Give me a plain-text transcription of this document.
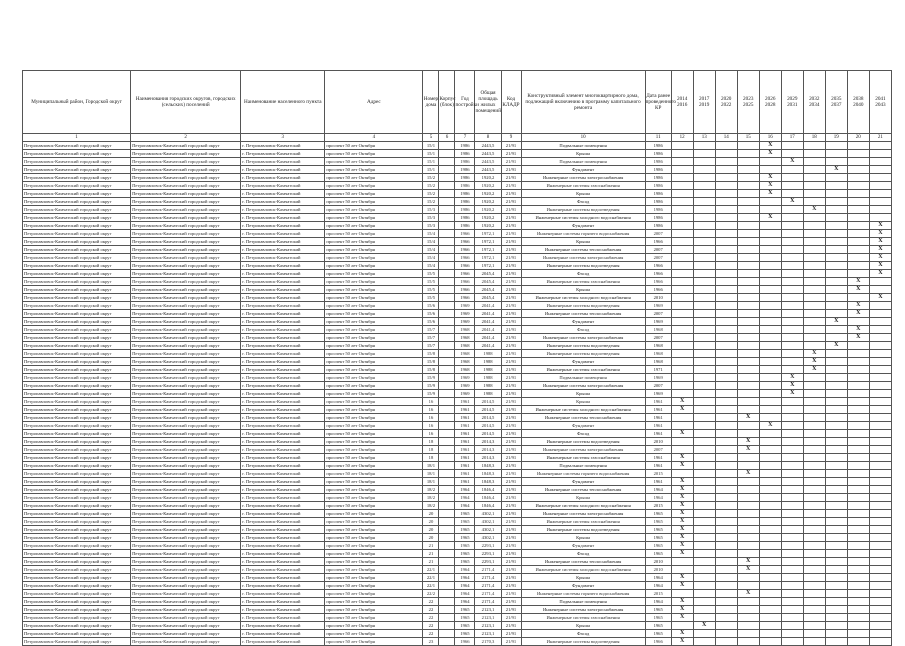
Муниципальный район, Городской округ	Наименования городских округов, городских (сельских) поселений	Наименование населенного пункта	Адрес	Номер дома	Корпус (блок)	Год постройки	Общая площадь жилых помещений	Код КЛАДР	Конструктивный элемент многоквартирного дома, подлежащий включению в программу капитального ремонта	Дата ранее проведенного КР	2014 2016	2017 2019	2020 2022	2023 2025	2026 2028	2029 2031	2032 2034	2035 2037	2038 2040	2041 2043
1	2	3	4	5	6	7	8	9	10	11	12	13	14	15	16	17	18	19	20	21
Петропавловск-Камчатский городской округ	Петропавловск-Камчатский городской округ	г. Петропавловск-Камчатский	проспект 50 лет Октября	15/1		1986	2443,5	21/91	Подвальные помещения	1986					X					
Петропавловск-Камчатский городской округ	Петропавловск-Камчатский городской округ	г. Петропавловск-Камчатский	проспект 50 лет Октября	15/1		1986	2443,5	21/91	Крыша	1986					X					
Петропавловск-Камчатский городской округ	Петропавловск-Камчатский городской округ	г. Петропавловск-Камчатский	проспект 50 лет Октября	15/1		1986	2443,5	21/91	Подвальные помещения	1986						X				
Петропавловск-Камчатский городской округ	Петропавловск-Камчатский городской округ	г. Петропавловск-Камчатский	проспект 50 лет Октября	15/1		1986	2443,5	21/91	Фундамент	1986								X		
Петропавловск-Камчатский городской округ	Петропавловск-Камчатский городской округ	г. Петропавловск-Камчатский	проспект 50 лет Октября	15/2		1986	1920,2	21/91	Инженерные системы электроснабжения	1986					X					
Петропавловск-Камчатский городской округ	Петропавловск-Камчатский городской округ	г. Петропавловск-Камчатский	проспект 50 лет Октября	15/2		1986	1920,2	21/91	Инженерные системы газоснабжения	1986					X					
Петропавловск-Камчатский городской округ	Петропавловск-Камчатский городской округ	г. Петропавловск-Камчатский	проспект 50 лет Октября	15/2		1986	1920,2	21/91	Крыша	1986					X					
Петропавловск-Камчатский городской округ	Петропавловск-Камчатский городской округ	г. Петропавловск-Камчатский	проспект 50 лет Октября	15/2		1986	1920,2	21/91	Фасад	1986						X				
Петропавловск-Камчатский городской округ	Петропавловск-Камчатский городской округ	г. Петропавловск-Камчатский	проспект 50 лет Октября	15/3		1986	1920,2	21/91	Инженерные системы водоотведения	1986							X			
Петропавловск-Камчатский городской округ	Петропавловск-Камчатский городской округ	г. Петропавловск-Камчатский	проспект 50 лет Октября	15/3		1986	1920,2	21/91	Инженерные системы холодного водоснабжения	1986					X					
Петропавловск-Камчатский городской округ	Петропавловск-Камчатский городской округ	г. Петропавловск-Камчатский	проспект 50 лет Октября	15/3		1986	1920,2	21/91	Фундамент	1986										X
Петропавловск-Камчатский городской округ	Петропавловск-Камчатский городской округ	г. Петропавловск-Камчатский	проспект 50 лет Октября	15/4		1966	1972,1	21/91	Инженерные системы горячего водоснабжения	2007										X
Петропавловск-Камчатский городской округ	Петропавловск-Камчатский городской округ	г. Петропавловск-Камчатский	проспект 50 лет Октября	15/4		1966	1972,1	21/91	Крыша	1966										X
Петропавловск-Камчатский городской округ	Петропавловск-Камчатский городской округ	г. Петропавловск-Камчатский	проспект 50 лет Октября	15/4		1966	1972,1	21/91	Инженерные системы теплоснабжения	2007										X
Петропавловск-Камчатский городской округ	Петропавловск-Камчатский городской округ	г. Петропавловск-Камчатский	проспект 50 лет Октября	15/4		1966	1972,1	21/91	Инженерные системы электроснабжения	2007										X
Петропавловск-Камчатский городской округ	Петропавловск-Камчатский городской округ	г. Петропавловск-Камчатский	проспект 50 лет Октября	15/4		1966	1972,1	21/91	Инженерные системы водоотведения	1966										X
Петропавловск-Камчатский городской округ	Петропавловск-Камчатский городской округ	г. Петропавловск-Камчатский	проспект 50 лет Октября	15/5		1966	2045,4	21/91	Фасад	1966										X
Петропавловск-Камчатский городской округ	Петропавловск-Камчатский городской округ	г. Петропавловск-Камчатский	проспект 50 лет Октября	15/5		1966	2045,4	21/91	Инженерные системы газоснабжения	1966									X	
Петропавловск-Камчатский городской округ	Петропавловск-Камчатский городской округ	г. Петропавловск-Камчатский	проспект 50 лет Октября	15/5		1966	2045,4	21/91	Крыша	1966									X	
Петропавловск-Камчатский городской округ	Петропавловск-Камчатский городской округ	г. Петропавловск-Камчатский	проспект 50 лет Октября	15/5		1966	2045,4	21/91	Инженерные системы холодного водоснабжения	2010										X
Петропавловск-Камчатский городской округ	Петропавловск-Камчатский городской округ	г. Петропавловск-Камчатский	проспект 50 лет Октября	15/6		1969	2041,4	21/91	Инженерные системы водоотведения	1969									X	
Петропавловск-Камчатский городской округ	Петропавловск-Камчатский городской округ	г. Петропавловск-Камчатский	проспект 50 лет Октября	15/6		1969	2041,4	21/91	Инженерные системы теплоснабжения	2007									X	
Петропавловск-Камчатский городской округ	Петропавловск-Камчатский городской округ	г. Петропавловск-Камчатский	проспект 50 лет Октября	15/6		1969	2041,4	21/91	Фундамент	1969								X		
Петропавловск-Камчатский городской округ	Петропавловск-Камчатский городской округ	г. Петропавловск-Камчатский	проспект 50 лет Октября	15/7		1968	2041,4	21/91	Фасад	1968									X	
Петропавловск-Камчатский городской округ	Петропавловск-Камчатский городской округ	г. Петропавловск-Камчатский	проспект 50 лет Октября	15/7		1968	2041,4	21/91	Инженерные системы электроснабжения	2007									X	
Петропавловск-Камчатский городской округ	Петропавловск-Камчатский городской округ	г. Петропавловск-Камчатский	проспект 50 лет Октября	15/7		1968	2041,4	21/91	Инженерные системы водоотведения	1968								X		
Петропавловск-Камчатский городской округ	Петропавловск-Камчатский городской округ	г. Петропавловск-Камчатский	проспект 50 лет Октября	15/8		1968	1988	21/91	Инженерные системы водоотведения	1968							X			
Петропавловск-Камчатский городской округ	Петропавловск-Камчатский городской округ	г. Петропавловск-Камчатский	проспект 50 лет Октября	15/8		1968	1988	21/91	Фундамент	1968							X			
Петропавловск-Камчатский городской округ	Петропавловск-Камчатский городской округ	г. Петропавловск-Камчатский	проспект 50 лет Октября	15/8		1968	1988	21/91	Инженерные системы газоснабжения	1971							X			
Петропавловск-Камчатский городской округ	Петропавловск-Камчатский городской округ	г. Петропавловск-Камчатский	проспект 50 лет Октября	15/9		1969	1988	21/91	Подвальные помещения	1969						X				
Петропавловск-Камчатский городской округ	Петропавловск-Камчатский городской округ	г. Петропавловск-Камчатский	проспект 50 лет Октября	15/9		1969	1988	21/91	Инженерные системы электроснабжения	2007						X				
Петропавловск-Камчатский городской округ	Петропавловск-Камчатский городской округ	г. Петропавловск-Камчатский	проспект 50 лет Октября	15/9		1969	1988	21/91	Крыша	1969						X				
Петропавловск-Камчатский городской округ	Петропавловск-Камчатский городской округ	г. Петропавловск-Камчатский	проспект 50 лет Октября	16		1961	2014,5	21/91	Крыша	1961	X									
Петропавловск-Камчатский городской округ	Петропавловск-Камчатский городской округ	г. Петропавловск-Камчатский	проспект 50 лет Октября	16		1961	2014,5	21/91	Инженерные системы холодного водоснабжения	1961	X									
Петропавловск-Камчатский городской округ	Петропавловск-Камчатский городской округ	г. Петропавловск-Камчатский	проспект 50 лет Октября	16		1961	2014,5	21/91	Инженерные системы теплоснабжения	1961				X						
Петропавловск-Камчатский городской округ	Петропавловск-Камчатский городской округ	г. Петропавловск-Камчатский	проспект 50 лет Октября	16		1961	2014,5	21/91	Фундамент	1961					X					
Петропавловск-Камчатский городской округ	Петропавловск-Камчатский городской округ	г. Петропавловск-Камчатский	проспект 50 лет Октября	16		1961	2014,5	21/91	Фасад	1961	X									
Петропавловск-Камчатский городской округ	Петропавловск-Камчатский городской округ	г. Петропавловск-Камчатский	проспект 50 лет Октября	18		1961	2014,3	21/91	Инженерные системы водоотведения	2010				X						
Петропавловск-Камчатский городской округ	Петропавловск-Камчатский городской округ	г. Петропавловск-Камчатский	проспект 50 лет Октября	18		1961	2014,3	21/91	Инженерные системы электроснабжения	2007				X						
Петропавловск-Камчатский городской округ	Петропавловск-Камчатский городской округ	г. Петропавловск-Камчатский	проспект 50 лет Октября	18		1961	2014,3	21/91	Инженерные системы газоснабжения	1961	X									
Петропавловск-Камчатский городской округ	Петропавловск-Камчатский городской округ	г. Петропавловск-Камчатский	проспект 50 лет Октября	18/1		1961	1848,3	21/91	Подвальные помещения	1961	X									
Петропавловск-Камчатский городской округ	Петропавловск-Камчатский городской округ	г. Петропавловск-Камчатский	проспект 50 лет Октября	18/1		1961	1848,3	21/91	Инженерные системы горячего водоснабжения	2015				X						
Петропавловск-Камчатский городской округ	Петропавловск-Камчатский городской округ	г. Петропавловск-Камчатский	проспект 50 лет Октября	18/1		1961	1848,3	21/91	Фундамент	1961	X									
Петропавловск-Камчатский городской округ	Петропавловск-Камчатский городской округ	г. Петропавловск-Камчатский	проспект 50 лет Октября	18/2		1964	1846,4	21/91	Инженерные системы теплоснабжения	1964	X									
Петропавловск-Камчатский городской округ	Петропавловск-Камчатский городской округ	г. Петропавловск-Камчатский	проспект 50 лет Октября	18/2		1964	1846,4	21/91	Крыша	1964	X									
Петропавловск-Камчатский городской округ	Петропавловск-Камчатский городской округ	г. Петропавловск-Камчатский	проспект 50 лет Октября	18/2		1964	1846,4	21/91	Инженерные системы холодного водоснабжения	2015	X									
Петропавловск-Камчатский городской округ	Петропавловск-Камчатский городской округ	г. Петропавловск-Камчатский	проспект 50 лет Октября	20		1965	4302,1	21/91	Инженерные системы электроснабжения	1965	X									
Петропавловск-Камчатский городской округ	Петропавловск-Камчатский городской округ	г. Петропавловск-Камчатский	проспект 50 лет Октября	20		1965	4302,1	21/91	Инженерные системы газоснабжения	1965	X									
Петропавловск-Камчатский городской округ	Петропавловск-Камчатский городской округ	г. Петропавловск-Камчатский	проспект 50 лет Октября	20		1965	4302,1	21/91	Инженерные системы водоотведения	1965	X									
Петропавловск-Камчатский городской округ	Петропавловск-Камчатский городской округ	г. Петропавловск-Камчатский	проспект 50 лет Октября	20		1965	4302,1	21/91	Крыша	1965	X									
Петропавловск-Камчатский городской округ	Петропавловск-Камчатский городской округ	г. Петропавловск-Камчатский	проспект 50 лет Октября	21		1965	2293,1	21/91	Фундамент	1965	X									
Петропавловск-Камчатский городской округ	Петропавловск-Камчатский городской округ	г. Петропавловск-Камчатский	проспект 50 лет Октября	21		1965	2293,1	21/91	Фасад	1965	X									
Петропавловск-Камчатский городской округ	Петропавловск-Камчатский городской округ	г. Петропавловск-Камчатский	проспект 50 лет Октября	21		1965	2293,1	21/91	Инженерные системы теплоснабжения	2010				X						
Петропавловск-Камчатский городской округ	Петропавловск-Камчатский городской округ	г. Петропавловск-Камчатский	проспект 50 лет Октября	22/1		1964	2171,4	21/91	Инженерные системы холодного водоснабжения	2010				X						
Петропавловск-Камчатский городской округ	Петропавловск-Камчатский городской округ	г. Петропавловск-Камчатский	проспект 50 лет Октября	22/1		1964	2171,4	21/91	Крыша	1964	X									
Петропавловск-Камчатский городской округ	Петропавловск-Камчатский городской округ	г. Петропавловск-Камчатский	проспект 50 лет Октября	22/1		1964	2171,4	21/91	Фундамент	1964	X									
Петропавловск-Камчатский городской округ	Петропавловск-Камчатский городской округ	г. Петропавловск-Камчатский	проспект 50 лет Октября	22/2		1964	2171,4	21/91	Инженерные системы горячего водоснабжения	2015				X						
Петропавловск-Камчатский городской округ	Петропавловск-Камчатский городской округ	г. Петропавловск-Камчатский	проспект 50 лет Октября	22		1964	2171,4	21/91	Подвальные помещения	1964	X									
Петропавловск-Камчатский городской округ	Петропавловск-Камчатский городской округ	г. Петропавловск-Камчатский	проспект 50 лет Октября	22		1965	2123,1	21/91	Инженерные системы электроснабжения	1965	X									
Петропавловск-Камчатский городской округ	Петропавловск-Камчатский городской округ	г. Петропавловск-Камчатский	проспект 50 лет Октября	22		1965	2123,1	21/91	Инженерные системы газоснабжения	1965	X									
Петропавловск-Камчатский городской округ	Петропавловск-Камчатский городской округ	г. Петропавловск-Камчатский	проспект 50 лет Октября	22		1965	2123,1	21/91	Крыша	1965		X								
Петропавловск-Камчатский городской округ	Петропавловск-Камчатский городской округ	г. Петропавловск-Камчатский	проспект 50 лет Октября	22		1965	2123,1	21/91	Фасад	1965	X									
Петропавловск-Камчатский городской округ	Петропавловск-Камчатский городской округ	г. Петропавловск-Камчатский	проспект 50 лет Октября	23		1966	2170,3	21/91	Инженерные системы водоотведения	1966	X									
